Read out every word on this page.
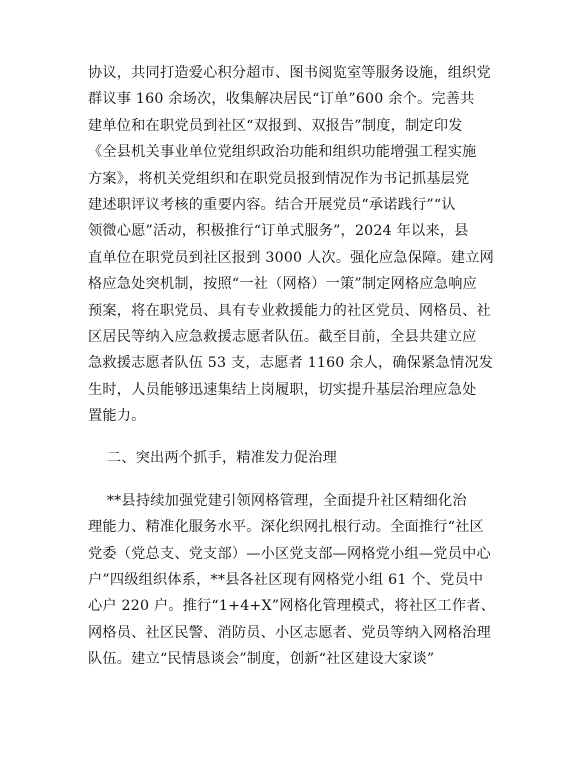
协议，共同打造爱心积分超市、图书阅览室等服务设施，组织党
群议事 160 余场次，收集解决居民“订单”600 余个。完善共
建单位和在职党员到社区“双报到、双报告”制度，制定印发
《全县机关事业单位党组织政治功能和组织功能增强工程实施
方案》，将机关党组织和在职党员报到情况作为书记抓基层党
建述职评议考核的重要内容。结合开展党员“承诺践行”“认
领微心愿”活动，积极推行“订单式服务”，2024 年以来，县
直单位在职党员到社区报到 3000 人次。强化应急保障。建立网
格应急处突机制，按照“一社（网格）一策”制定网格应急响应
预案，将在职党员、具有专业救援能力的社区党员、网格员、社
区居民等纳入应急救援志愿者队伍。截至目前，全县共建立应
急救援志愿者队伍 53 支，志愿者 1160 余人，确保紧急情况发
生时，人员能够迅速集结上岗履职，切实提升基层治理应急处
置能力。
二、突出两个抓手，精准发力促治理
**县持续加强党建引领网格管理，全面提升社区精细化治
理能力、精准化服务水平。深化织网扎根行动。全面推行“社区
党委（党总支、党支部）—小区党支部—网格党小组—党员中心
户”四级组织体系，**县各社区现有网格党小组 61 个、党员中
心户 220 户。推行“1+4+X”网格化管理模式，将社区工作者、
网格员、社区民警、消防员、小区志愿者、党员等纳入网格治理
队伍。建立“民情恳谈会”制度，创新“社区建设大家谈”
